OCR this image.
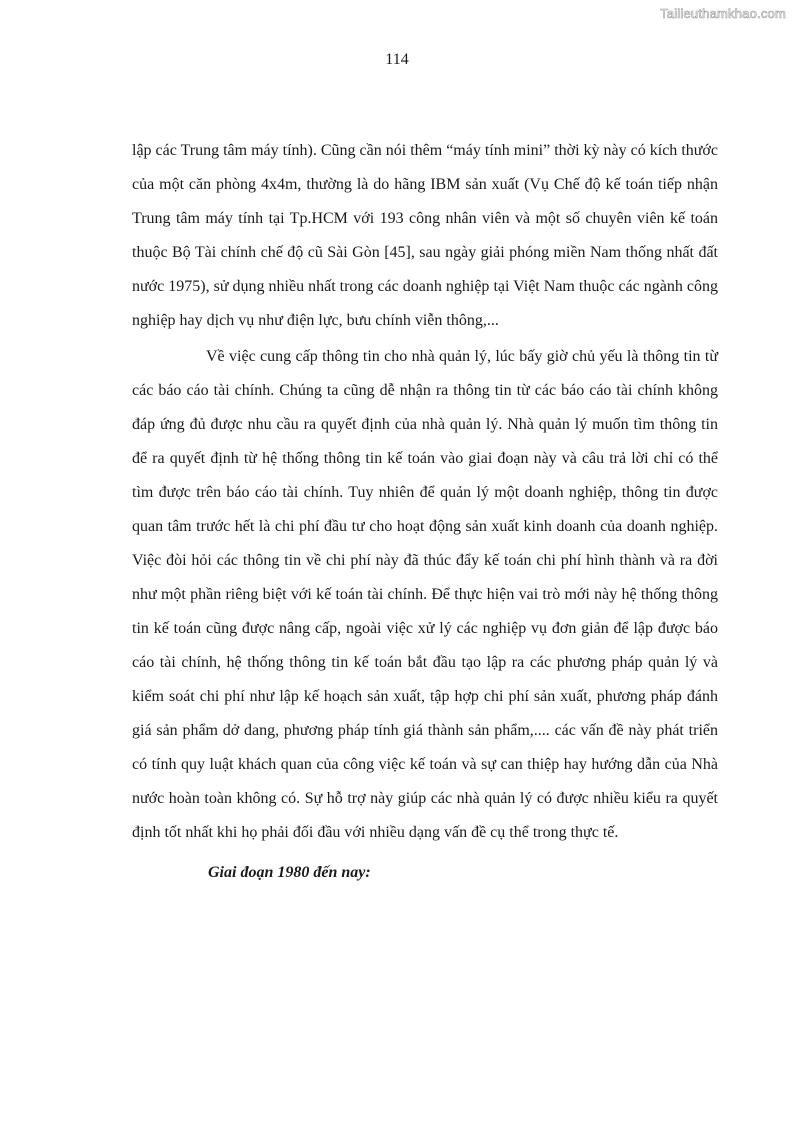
Tailieuthamkhao.com
114

lập các Trung tâm máy tính). Cũng cần nói thêm “máy tính mini” thời kỳ này có kích thước của một căn phòng 4x4m, thường là do hãng IBM sản xuất (Vụ Chế độ kế toán tiếp nhận Trung tâm máy tính tại Tp.HCM với 193 công nhân viên và một số chuyên viên kế toán thuộc Bộ Tài chính chế độ cũ Sài Gòn [45], sau ngày giải phóng miền Nam thống nhất đất nước 1975), sử dụng nhiều nhất trong các doanh nghiệp tại Việt Nam thuộc các ngành công nghiệp hay dịch vụ như điện lực, bưu chính viễn thông,...

Về việc cung cấp thông tin cho nhà quản lý, lúc bấy giờ chủ yếu là thông tin từ các báo cáo tài chính. Chúng ta cũng dễ nhận ra thông tin từ các báo cáo tài chính không đáp ứng đủ được nhu cầu ra quyết định của nhà quản lý. Nhà quản lý muốn tìm thông tin để ra quyết định từ hệ thống thông tin kế toán vào giai đoạn này và câu trả lời chỉ có thể tìm được trên báo cáo tài chính. Tuy nhiên để quản lý một doanh nghiệp, thông tin được quan tâm trước hết là chi phí đầu tư cho hoạt động sản xuất kinh doanh của doanh nghiệp. Việc đòi hỏi các thông tin về chi phí này đã thúc đẩy kế toán chi phí hình thành và ra đời như một phần riêng biệt với kế toán tài chính. Để thực hiện vai trò mới này hệ thống thông tin kế toán cũng được nâng cấp, ngoài việc xử lý các nghiệp vụ đơn giản để lập được báo cáo tài chính, hệ thống thông tin kế toán bắt đầu tạo lập ra các phương pháp quản lý và kiểm soát chi phí như lập kế hoạch sản xuất, tập hợp chi phí sản xuất, phương pháp đánh giá sản phẩm dở dang, phương pháp tính giá thành sản phẩm,.... các vấn đề này phát triển có tính quy luật khách quan của công việc kế toán và sự can thiệp hay hướng dẫn của Nhà nước hoàn toàn không có. Sự hỗ trợ này giúp các nhà quản lý có được nhiều kiểu ra quyết định tốt nhất khi họ phải đối đầu với nhiều dạng vấn đề cụ thể trong thực tế.

Giai đoạn 1980 đến nay:
